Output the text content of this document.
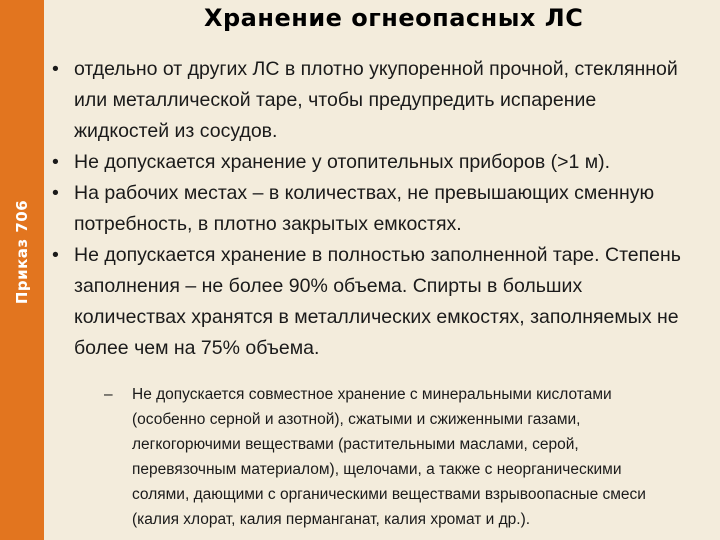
Приказ 706
Хранение огнеопасных ЛС
• отдельно от других ЛС в плотно укупоренной прочной, стеклянной или металлической таре, чтобы предупредить испарение жидкостей из сосудов.
• Не допускается хранение у отопительных приборов (>1 м).
• На рабочих местах – в количествах, не превышающих сменную потребность, в плотно закрытых емкостях.
• Не допускается хранение в полностью заполненной таре. Степень заполнения – не более 90% объема. Спирты в больших количествах хранятся в металлических емкостях, заполняемых не более чем на 75% объема.
– Не допускается совместное хранение с минеральными кислотами (особенно серной и азотной), сжатыми и сжиженными газами, легкогорючими веществами (растительными маслами, серой, перевязочным материалом), щелочами, а также с неорганическими солями, дающими с органическими веществами взрывоопасные смеси (калия хлорат, калия перманганат, калия хромат и др.).
